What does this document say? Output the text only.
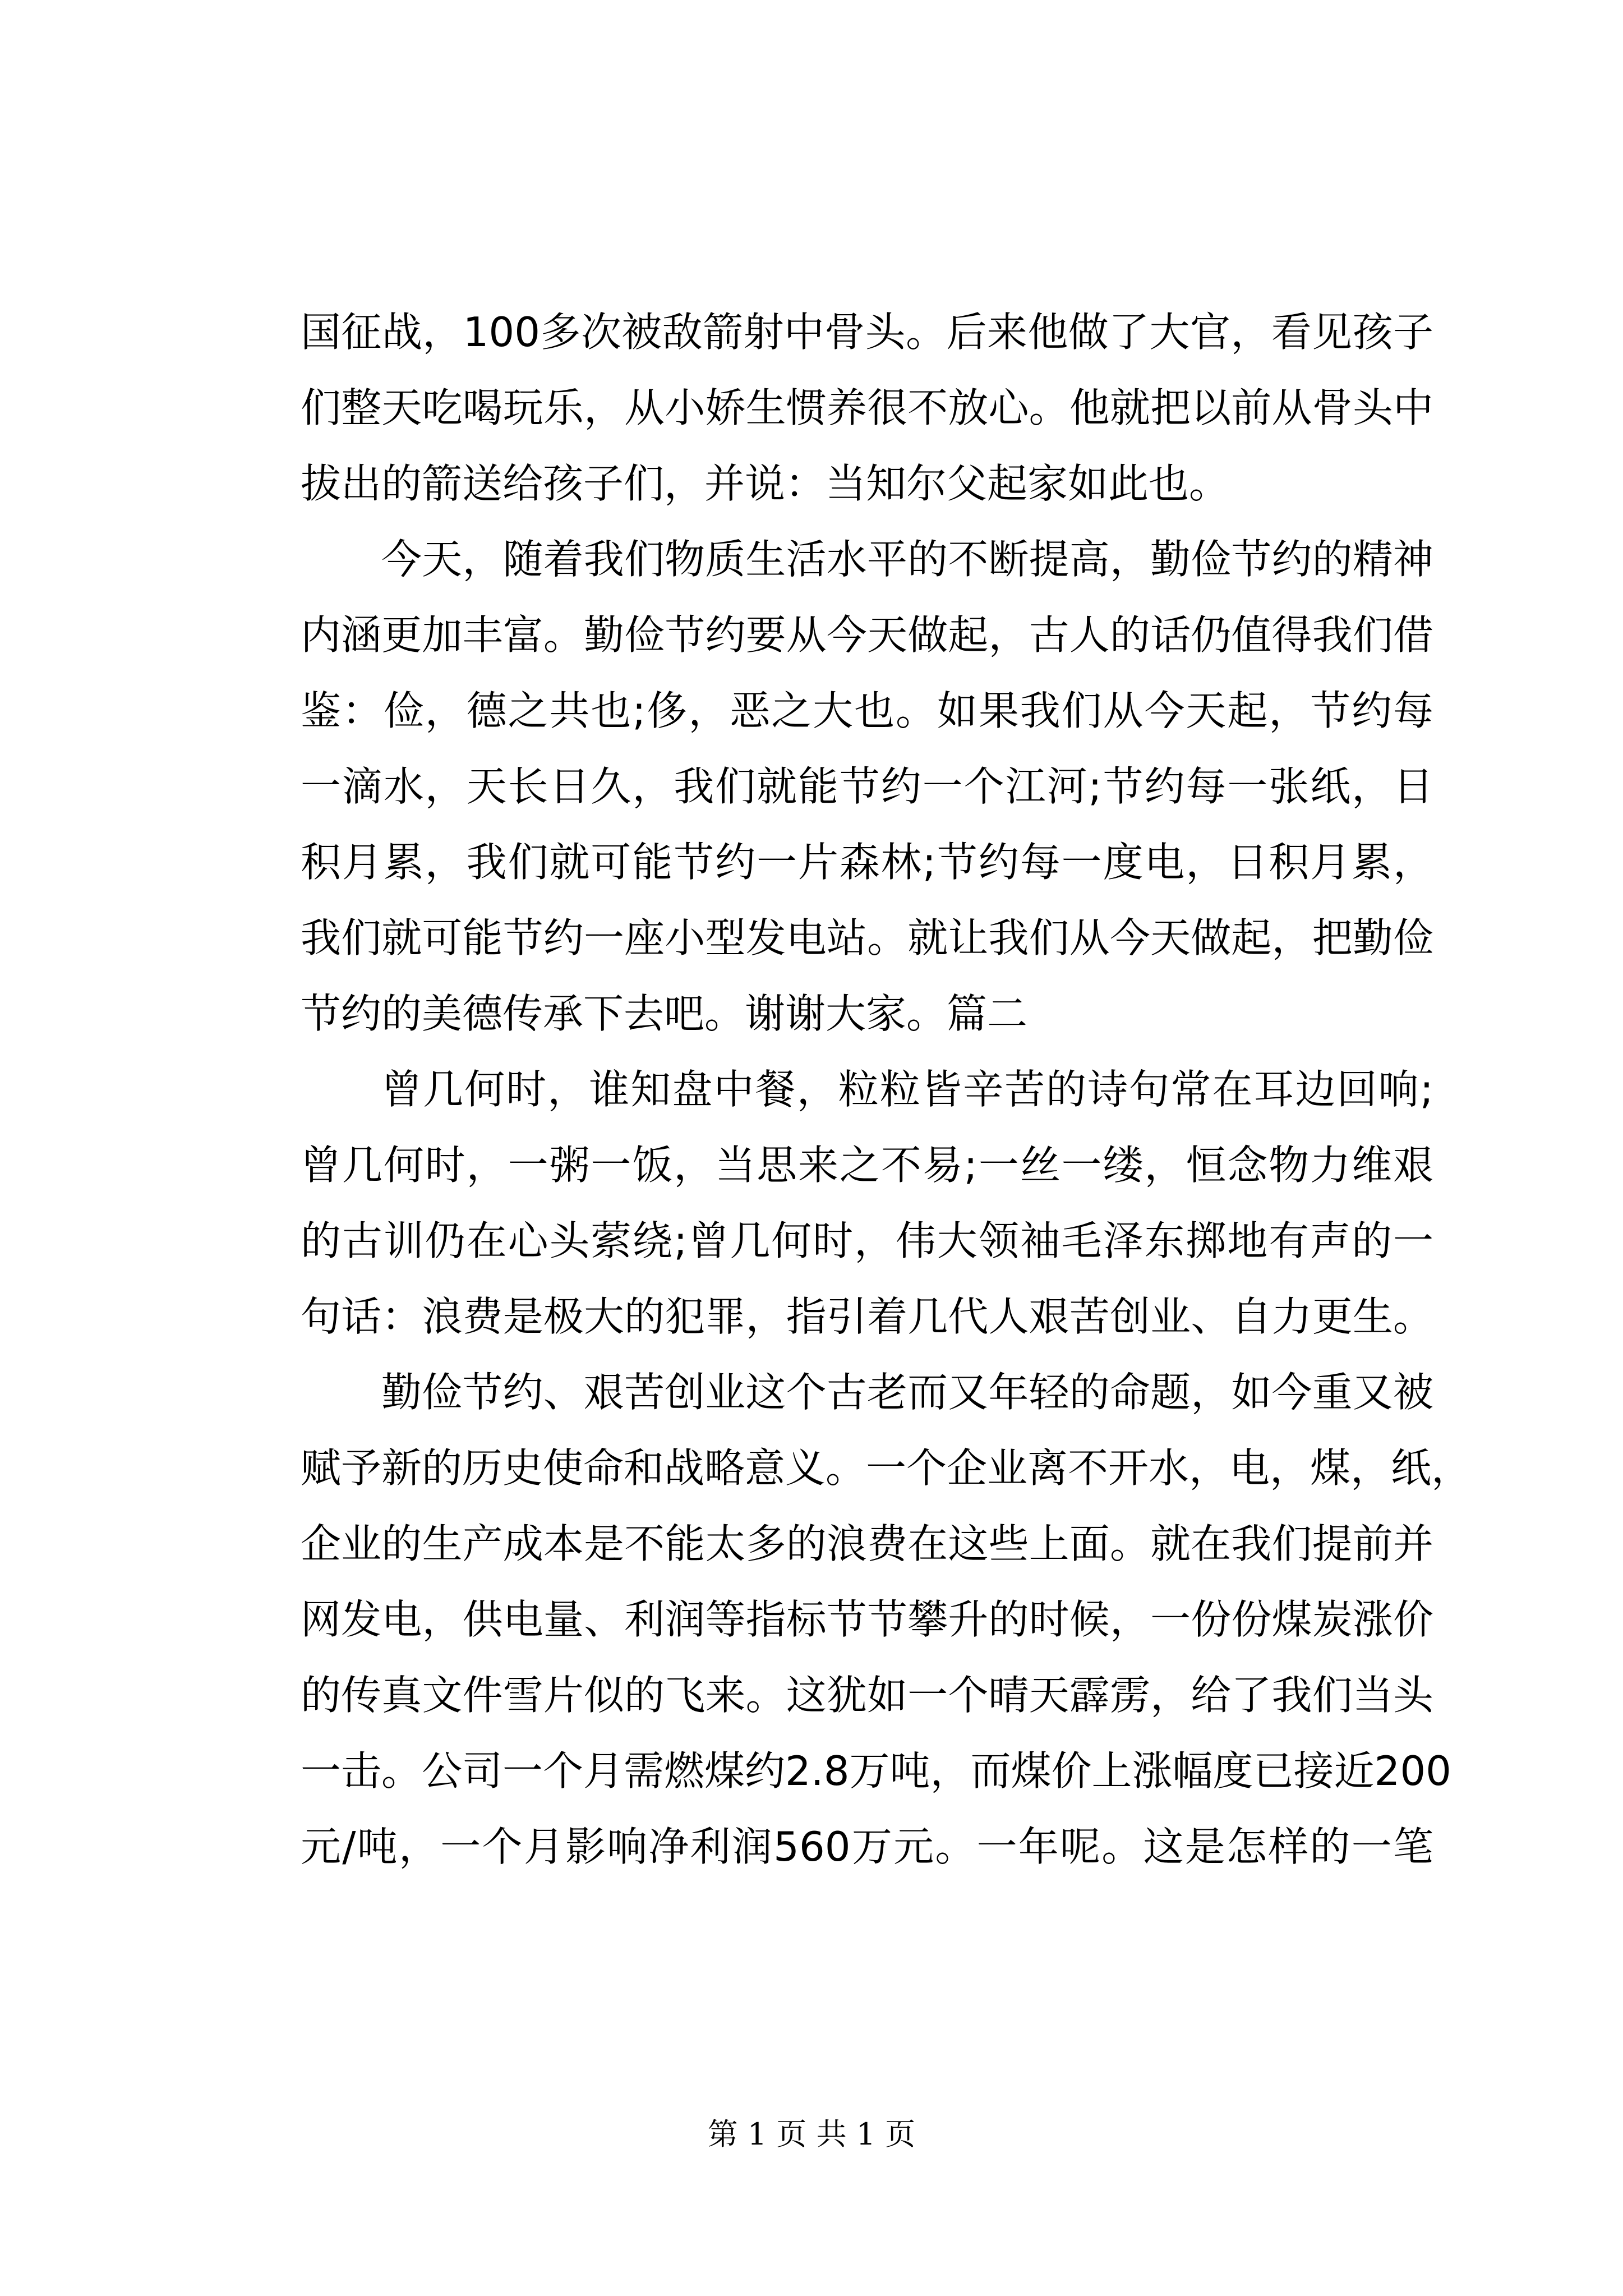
国征战，100多次被敌箭射中骨头。后来他做了大官，看见孩子
们整天吃喝玩乐，从小娇生惯养很不放心。他就把以前从骨头中
拔出的箭送给孩子们，并说：当知尔父起家如此也。
今天，随着我们物质生活水平的不断提高，勤俭节约的精神
内涵更加丰富。勤俭节约要从今天做起，古人的话仍值得我们借
鉴：俭，德之共也;侈，恶之大也。如果我们从今天起，节约每
一滴水，天长日久，我们就能节约一个江河;节约每一张纸，日
积月累，我们就可能节约一片森林;节约每一度电，日积月累，
我们就可能节约一座小型发电站。就让我们从今天做起，把勤俭
节约的美德传承下去吧。谢谢大家。篇二
曾几何时，谁知盘中餐，粒粒皆辛苦的诗句常在耳边回响;
曾几何时，一粥一饭，当思来之不易;一丝一缕，恒念物力维艰
的古训仍在心头萦绕;曾几何时，伟大领袖毛泽东掷地有声的一
句话：浪费是极大的犯罪，指引着几代人艰苦创业、自力更生。
勤俭节约、艰苦创业这个古老而又年轻的命题，如今重又被
赋予新的历史使命和战略意义。一个企业离不开水，电，煤，纸，
企业的生产成本是不能太多的浪费在这些上面。就在我们提前并
网发电，供电量、利润等指标节节攀升的时候，一份份煤炭涨价
的传真文件雪片似的飞来。这犹如一个晴天霹雳，给了我们当头
一击。公司一个月需燃煤约2.8万吨，而煤价上涨幅度已接近200
元/吨，一个月影响净利润560万元。一年呢。这是怎样的一笔
第 1 页 共 1 页
